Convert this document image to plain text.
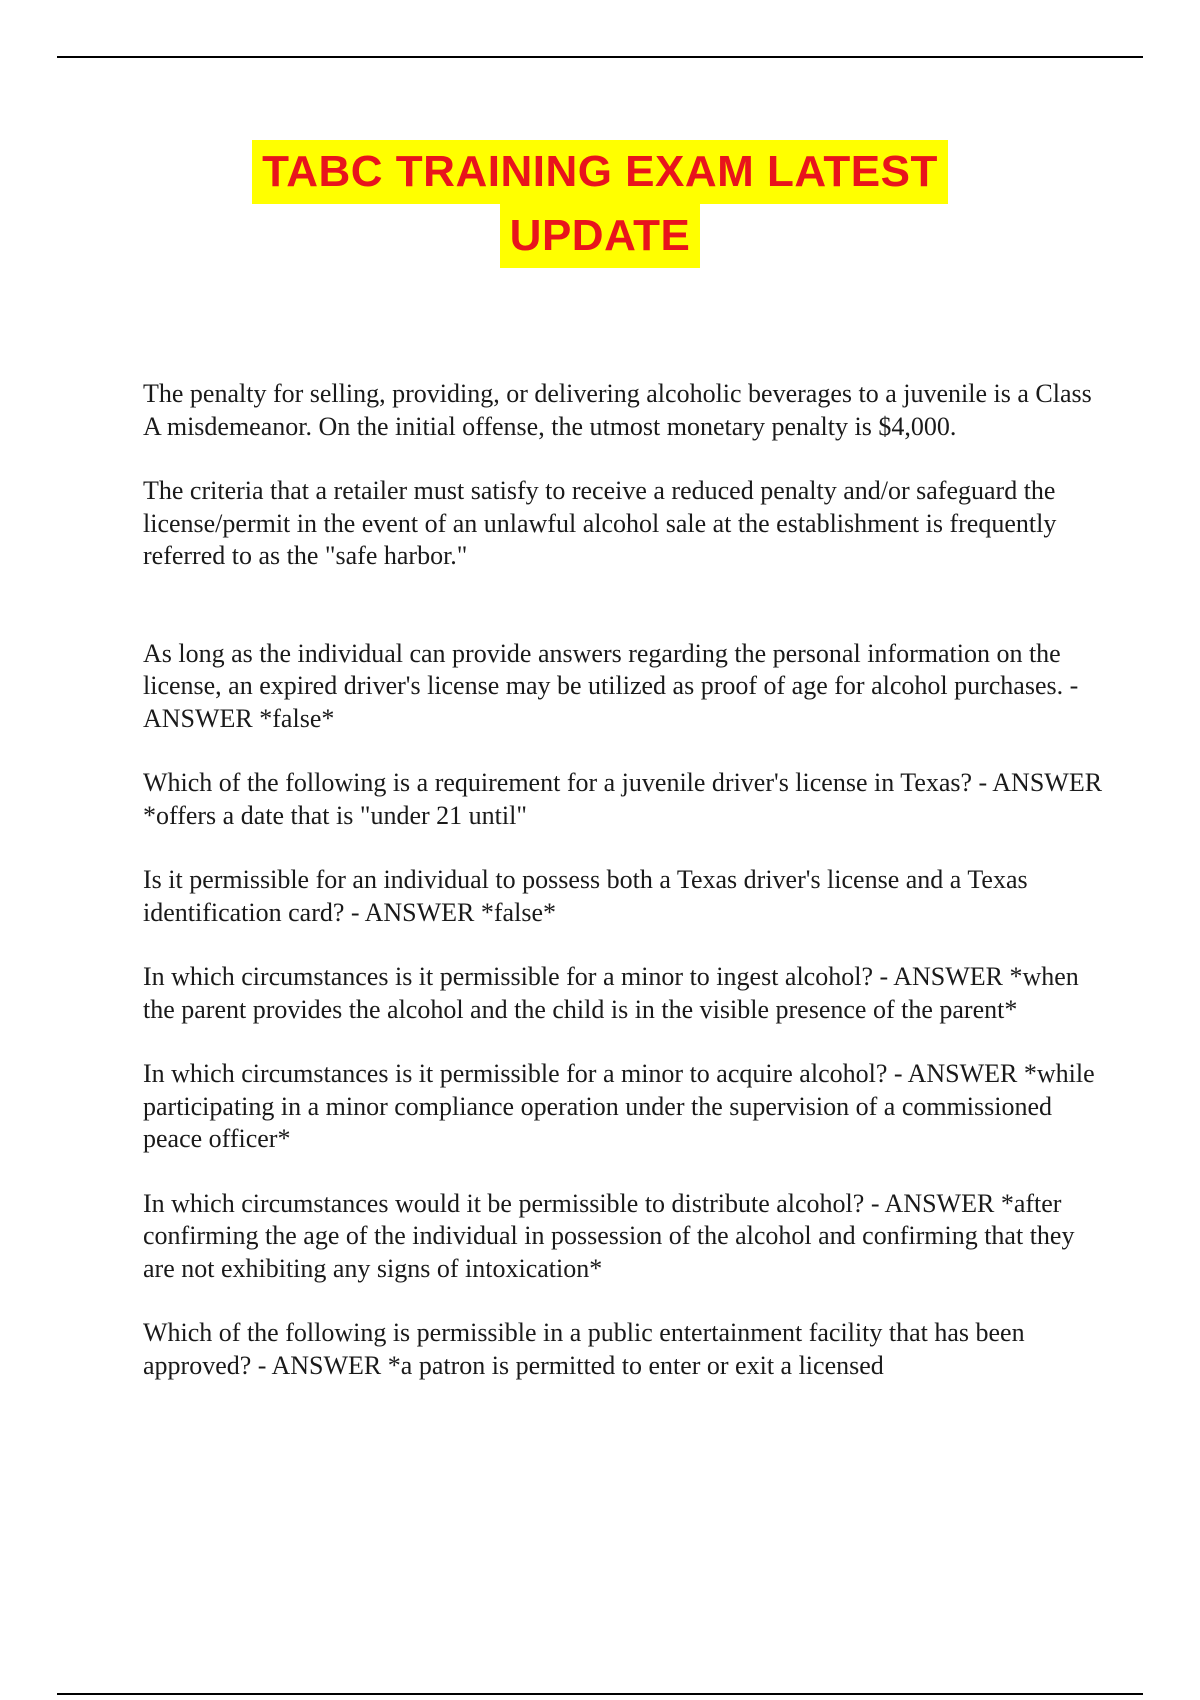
TABC TRAINING EXAM LATEST
UPDATE

The penalty for selling, providing, or delivering alcoholic beverages to a juvenile is a Class A misdemeanor. On the initial offense, the utmost monetary penalty is $4,000.

The criteria that a retailer must satisfy to receive a reduced penalty and/or safeguard the license/permit in the event of an unlawful alcohol sale at the establishment is frequently referred to as the "safe harbor."

As long as the individual can provide answers regarding the personal information on the license, an expired driver's license may be utilized as proof of age for alcohol purchases. - ANSWER *false*

Which of the following is a requirement for a juvenile driver's license in Texas? - ANSWER *offers a date that is "under 21 until"

Is it permissible for an individual to possess both a Texas driver's license and a Texas identification card? - ANSWER *false*

In which circumstances is it permissible for a minor to ingest alcohol? - ANSWER *when the parent provides the alcohol and the child is in the visible presence of the parent*

In which circumstances is it permissible for a minor to acquire alcohol? - ANSWER *while participating in a minor compliance operation under the supervision of a commissioned peace officer*

In which circumstances would it be permissible to distribute alcohol? - ANSWER *after confirming the age of the individual in possession of the alcohol and confirming that they are not exhibiting any signs of intoxication*

Which of the following is permissible in a public entertainment facility that has been approved? - ANSWER *a patron is permitted to enter or exit a licensed
